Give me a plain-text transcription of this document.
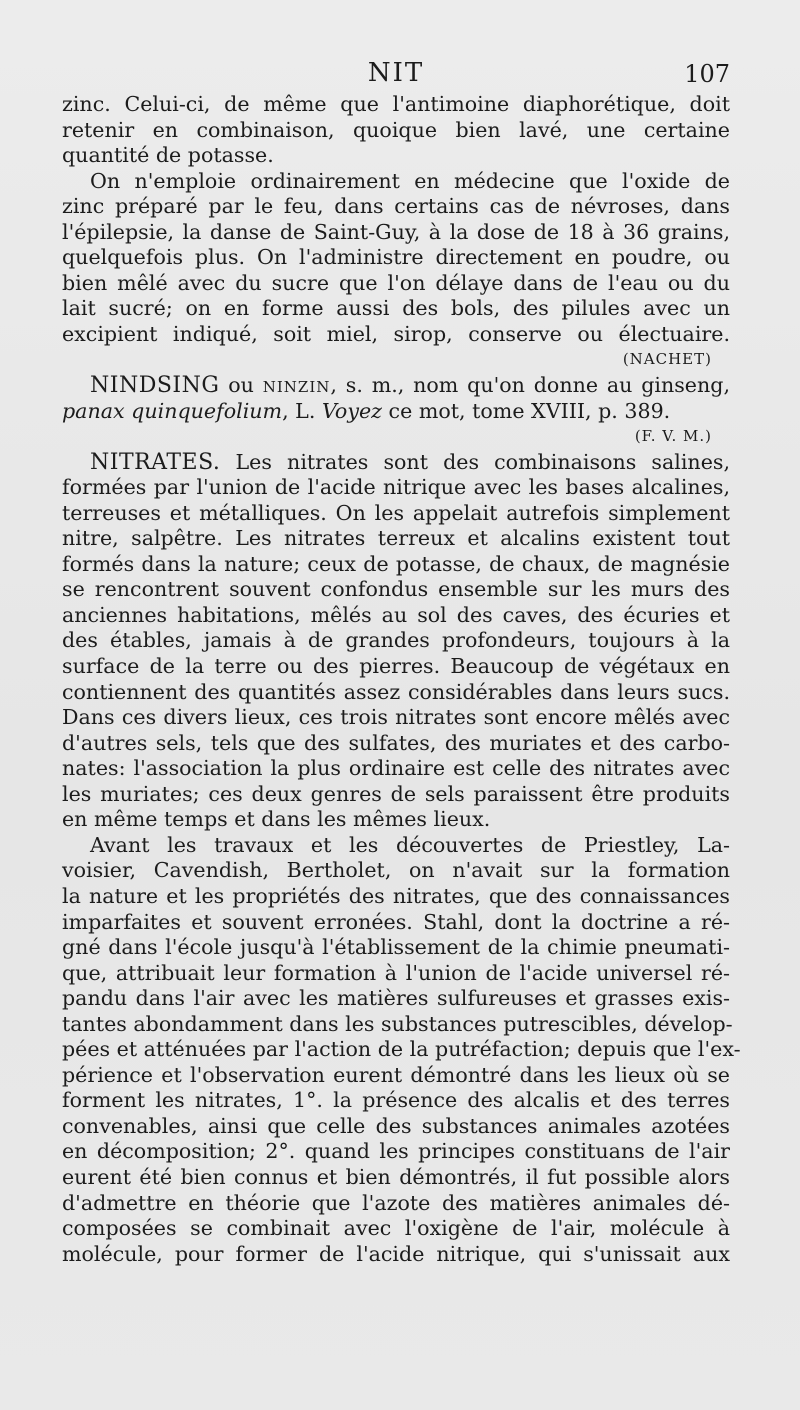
NIT	107
zinc. Celui-ci, de même que l'antimoine diaphorétique, doit
retenir en combinaison, quoique bien lavé, une certaine
quantité de potasse.
On n'emploie ordinairement en médecine que l'oxide de
zinc préparé par le feu, dans certains cas de névroses, dans
l'épilepsie, la danse de Saint-Guy, à la dose de 18 à 36 grains,
quelquefois plus. On l'administre directement en poudre, ou
bien mêlé avec du sucre que l'on délaye dans de l'eau ou du
lait sucré; on en forme aussi des bols, des pilules avec un
excipient indiqué, soit miel, sirop, conserve ou électuaire.
(NACHET)
NINDSING ou NINZIN, s. m., nom qu'on donne au ginseng,
panax quinquefolium, L. Voyez ce mot, tome XVIII, p. 389.
(F. V. M.)
NITRATES. Les nitrates sont des combinaisons salines,
formées par l'union de l'acide nitrique avec les bases alcalines,
terreuses et métalliques. On les appelait autrefois simplement
nitre, salpêtre. Les nitrates terreux et alcalins existent tout
formés dans la nature; ceux de potasse, de chaux, de magnésie
se rencontrent souvent confondus ensemble sur les murs des
anciennes habitations, mêlés au sol des caves, des écuries et
des étables, jamais à de grandes profondeurs, toujours à la
surface de la terre ou des pierres. Beaucoup de végétaux en
contiennent des quantités assez considérables dans leurs sucs.
Dans ces divers lieux, ces trois nitrates sont encore mêlés avec
d'autres sels, tels que des sulfates, des muriates et des carbo-
nates: l'association la plus ordinaire est celle des nitrates avec
les muriates; ces deux genres de sels paraissent être produits
en même temps et dans les mêmes lieux.
Avant les travaux et les découvertes de Priestley, La-
voisier, Cavendish, Bertholet, on n'avait sur la formation
la nature et les propriétés des nitrates, que des connaissances
imparfaites et souvent erronées. Stahl, dont la doctrine a ré-
gné dans l'école jusqu'à l'établissement de la chimie pneumati-
que, attribuait leur formation à l'union de l'acide universel ré-
pandu dans l'air avec les matières sulfureuses et grasses exis-
tantes abondamment dans les substances putrescibles, dévelop-
pées et atténuées par l'action de la putréfaction; depuis que l'ex-
périence et l'observation eurent démontré dans les lieux où se
forment les nitrates, 1°. la présence des alcalis et des terres
convenables, ainsi que celle des substances animales azotées
en décomposition; 2°. quand les principes constituans de l'air
eurent été bien connus et bien démontrés, il fut possible alors
d'admettre en théorie que l'azote des matières animales dé-
composées se combinait avec l'oxigène de l'air, molécule à
molécule, pour former de l'acide nitrique, qui s'unissait aux
